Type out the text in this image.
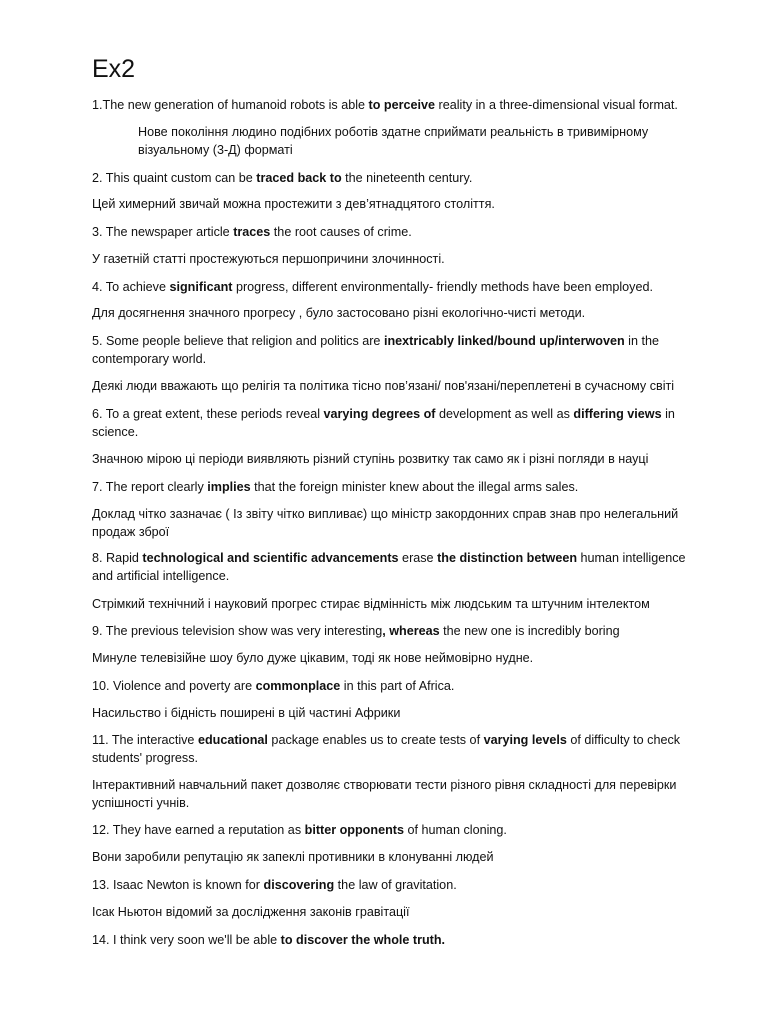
Ex2

1.The new generation of humanoid robots is able to perceive reality in a three-dimensional visual format.

Нове покоління людино подібних роботів здатне сприймати реальність в тривимірному візуальному (3-Д) форматі

2. This quaint custom can be traced back to the nineteenth century.

Цей химерний звичай можна простежити з дев’ятнадцятого століття.

3. The newspaper article traces the root causes of crime.

У газетній статті простежуються першопричини злочинності.

4. To achieve significant progress, different environmentally- friendly methods have been employed.

Для досягнення значного прогресу , було застосовано різні екологічно-чисті методи.

5. Some people believe that religion and politics are inextricably linked/bound up/interwoven in the contemporary world.

Деякі люди вважають що релігія та політика тісно пов’язані/ пов'язані/переплетені в сучасному світі

6. To a great extent, these periods reveal varying degrees of development as well as differing views in science.

Значною мірою ці періоди виявляють різний ступінь розвитку так само як і різні погляди в науці

7. The report clearly implies that the foreign minister knew about the illegal arms sales.

Доклад чітко зазначає ( Із звіту чітко випливає) що міністр закордонних справ знав про нелегальний продаж зброї

8. Rapid technological and scientific advancements erase the distinction between human intelligence and artificial intelligence.

Стрімкий технічний і науковий прогрес стирає відмінність між людським та штучним інтелектом

9. The previous television show was very interesting, whereas the new one is incredibly boring

Минуле телевізійне шоу було дуже цікавим, тоді як нове неймовірно нудне.

10. Violence and poverty are commonplace in this part of Africa.

Насильство і бідність поширені в цій частині Африки

11. The interactive educational package enables us to create tests of varying levels of difficulty to check students' progress.

Інтерактивний навчальний пакет дозволяє створювати тести різного рівня складності для перевірки успішності учнів.

12. They have earned a reputation as bitter opponents of human cloning.

Вони заробили репутацію як запеклі противники в клонуванні людей

13. Isaac Newton is known for discovering the law of gravitation.

Ісак Ньютон відомий за дослідження законів гравітації

14. I think very soon we'll be able to discover the whole truth.
